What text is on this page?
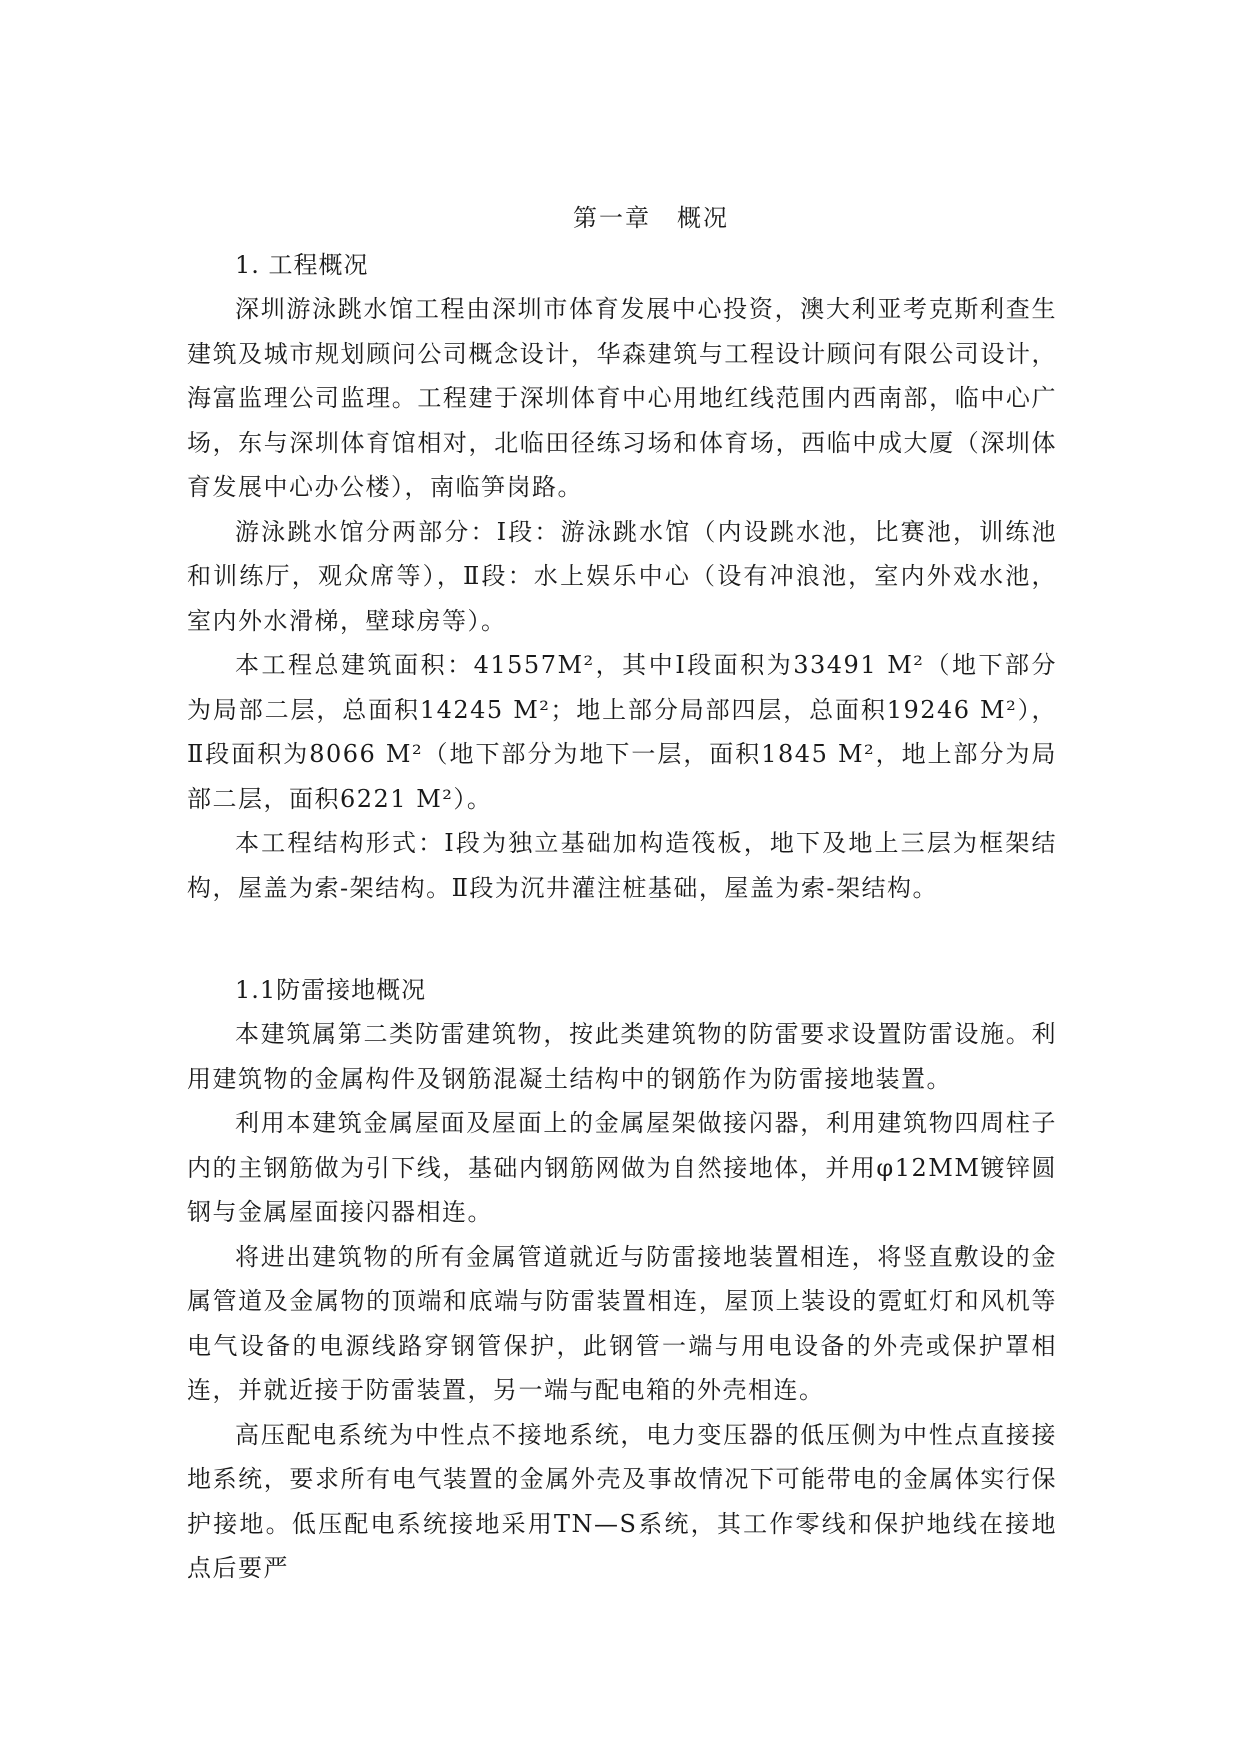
第一章　概况

1. 工程概况

深圳游泳跳水馆工程由深圳市体育发展中心投资，澳大利亚考克斯利查生建筑及城市规划顾问公司概念设计，华森建筑与工程设计顾问有限公司设计，海富监理公司监理。工程建于深圳体育中心用地红线范围内西南部，临中心广场，东与深圳体育馆相对，北临田径练习场和体育场，西临中成大厦（深圳体育发展中心办公楼），南临笋岗路。

游泳跳水馆分两部分：Ⅰ段：游泳跳水馆（内设跳水池，比赛池，训练池和训练厅，观众席等），Ⅱ段：水上娱乐中心（设有冲浪池，室内外戏水池，室内外水滑梯，壁球房等）。

本工程总建筑面积：41557M²，其中Ⅰ段面积为33491 M²（地下部分为局部二层，总面积14245 M²；地上部分局部四层，总面积19246 M²），Ⅱ段面积为8066 M²（地下部分为地下一层，面积1845 M²，地上部分为局部二层，面积6221 M²）。

本工程结构形式：Ⅰ段为独立基础加构造筏板，地下及地上三层为框架结构，屋盖为索-架结构。Ⅱ段为沉井灌注桩基础，屋盖为索-架结构。

1.1防雷接地概况

本建筑属第二类防雷建筑物，按此类建筑物的防雷要求设置防雷设施。利用建筑物的金属构件及钢筋混凝土结构中的钢筋作为防雷接地装置。

利用本建筑金属屋面及屋面上的金属屋架做接闪器，利用建筑物四周柱子内的主钢筋做为引下线，基础内钢筋网做为自然接地体，并用φ12MM镀锌圆钢与金属屋面接闪器相连。

将进出建筑物的所有金属管道就近与防雷接地装置相连，将竖直敷设的金属管道及金属物的顶端和底端与防雷装置相连，屋顶上装设的霓虹灯和风机等电气设备的电源线路穿钢管保护，此钢管一端与用电设备的外壳或保护罩相连，并就近接于防雷装置，另一端与配电箱的外壳相连。

高压配电系统为中性点不接地系统，电力变压器的低压侧为中性点直接接地系统，要求所有电气装置的金属外壳及事故情况下可能带电的金属体实行保护接地。低压配电系统接地采用TN—S系统，其工作零线和保护地线在接地点后要严
